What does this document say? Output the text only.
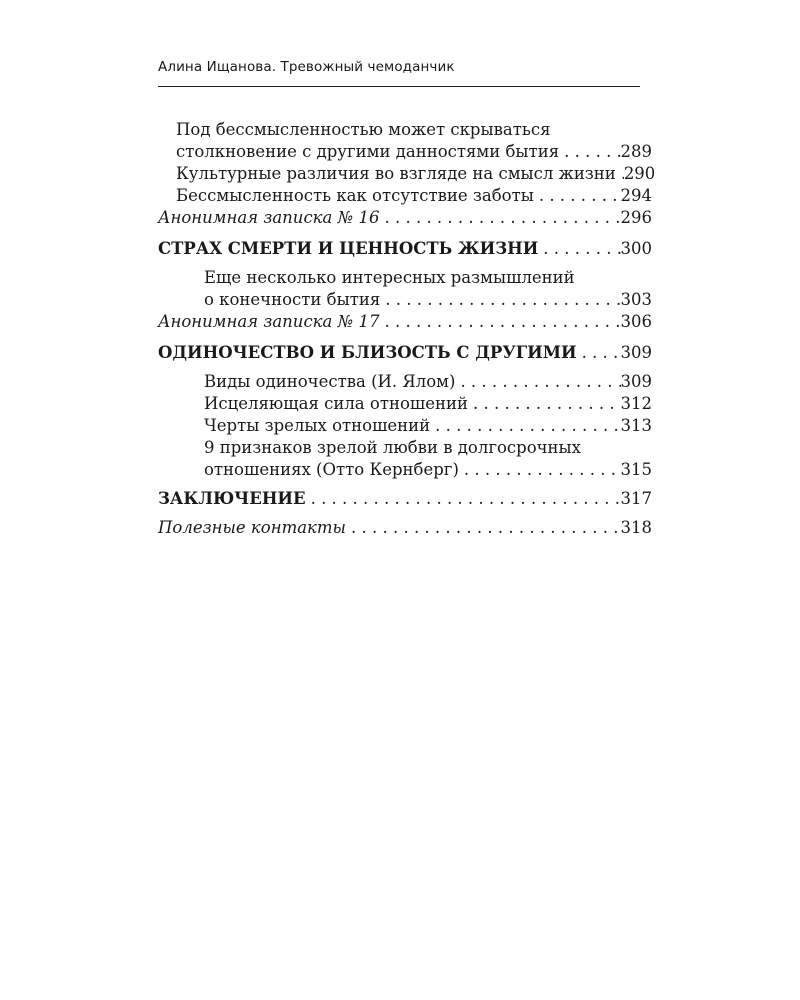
Алина Ищанова. Тревожный чемоданчик
Под бессмысленностью может скрываться
столкновение с другими данностями бытия . . .	289
Культурные различия во взгляде на смысл жизни . . . 290
Бессмысленность как отсутствие заботы . . .	294
Анонимная записка № 16 . . .	296
СТРАХ СМЕРТИ И ЦЕННОСТЬ ЖИЗНИ . . .	300
Еще несколько интересных размышлений
о конечности бытия . . .	303
Анонимная записка № 17 . . .	306
ОДИНОЧЕСТВО И БЛИЗОСТЬ С ДРУГИМИ . . .	309
Виды одиночества (И. Ялом) . . .	309
Исцеляющая сила отношений . . .	312
Черты зрелых отношений . . .	313
9 признаков зрелой любви в долгосрочных
отношениях (Отто Кернберг) . . .	315
ЗАКЛЮЧЕНИЕ . . .	317
Полезные контакты . . .	318
